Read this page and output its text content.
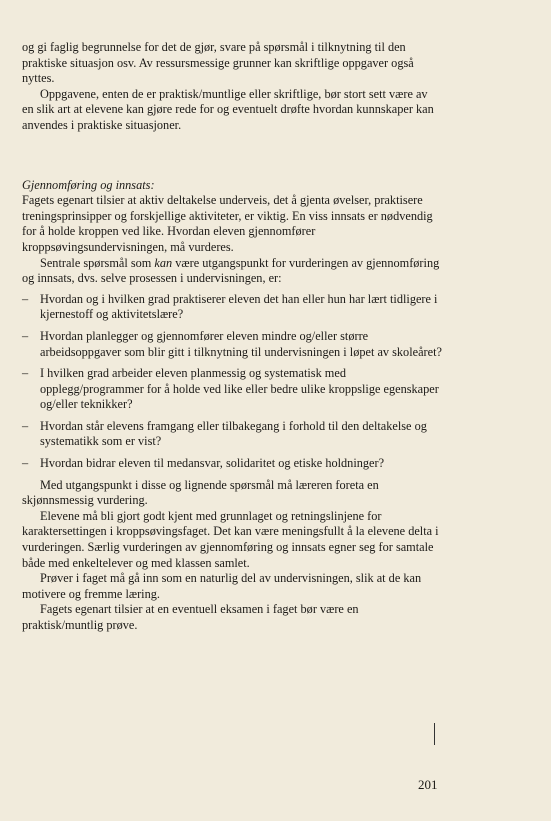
og gi faglig begrunnelse for det de gjør, svare på spørsmål i tilknytning til den praktiske situasjon osv. Av ressursmessige grunner kan skriftlige oppgaver også nyttes.

Oppgavene, enten de er praktisk/muntlige eller skriftlige, bør stort sett være av en slik art at elevene kan gjøre rede for og eventuelt drøfte hvordan kunnskaper kan anvendes i praktiske situasjoner.

Gjennomføring og innsats:

Fagets egenart tilsier at aktiv deltakelse underveis, det å gjenta øvelser, praktisere treningsprinsipper og forskjellige aktiviteter, er viktig. En viss innsats er nødvendig for å holde kroppen ved like. Hvordan eleven gjennomfører kroppsøvingsundervisningen, må vurderes.

Sentrale spørsmål som kan være utgangspunkt for vurderingen av gjennomføring og innsats, dvs. selve prosessen i undervisningen, er:

– Hvordan og i hvilken grad praktiserer eleven det han eller hun har lært tidligere i kjernestoff og aktivitetslære?
– Hvordan planlegger og gjennomfører eleven mindre og/eller større arbeidsoppgaver som blir gitt i tilknytning til undervisningen i løpet av skoleåret?
– I hvilken grad arbeider eleven planmessig og systematisk med opplegg/programmer for å holde ved like eller bedre ulike kroppslige egenskaper og/eller teknikker?
– Hvordan står elevens framgang eller tilbakegang i forhold til den deltakelse og systematikk som er vist?
– Hvordan bidrar eleven til medansvar, solidaritet og etiske holdninger?

Med utgangspunkt i disse og lignende spørsmål må læreren foreta en skjønnsmessig vurdering.

Elevene må bli gjort godt kjent med grunnlaget og retningslinjene for karaktersettingen i kroppsøvingsfaget. Det kan være meningsfullt å la elevene delta i vurderingen. Særlig vurderingen av gjennomføring og innsats egner seg for samtale både med enkeltelever og med klassen samlet.

Prøver i faget må gå inn som en naturlig del av undervisningen, slik at de kan motivere og fremme læring.

Fagets egenart tilsier at en eventuell eksamen i faget bør være en praktisk/muntlig prøve.

201
